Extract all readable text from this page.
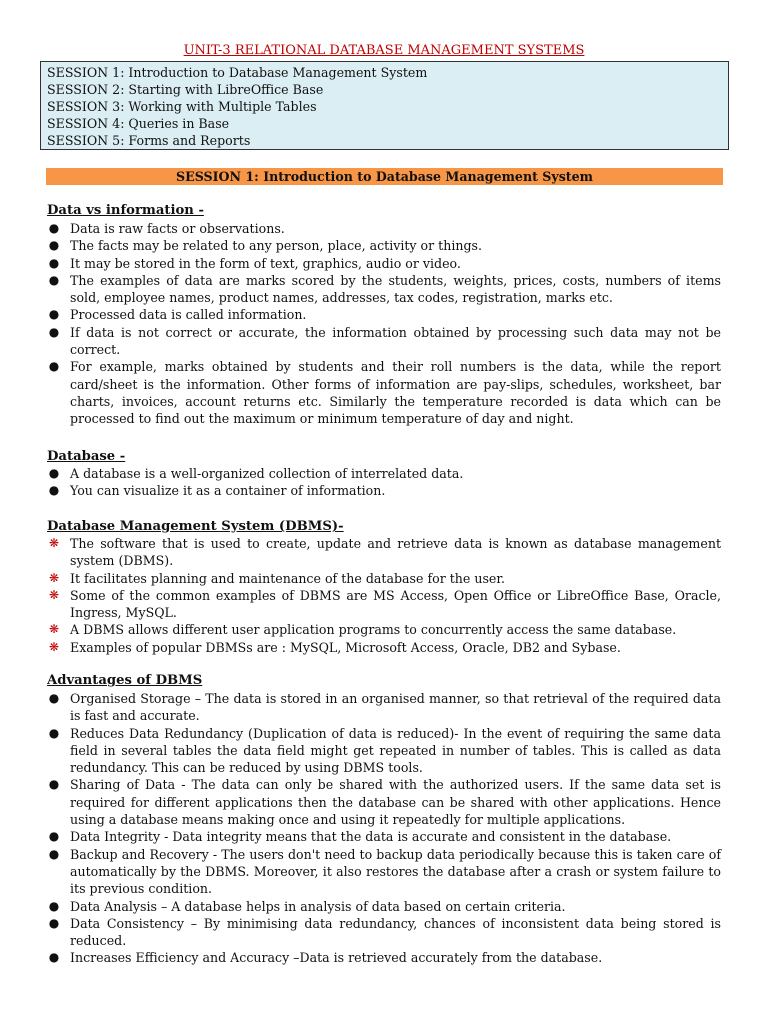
UNIT-3 RELATIONAL DATABASE MANAGEMENT SYSTEMS
SESSION 1: Introduction to Database Management System
SESSION 2: Starting with LibreOffice Base
SESSION 3: Working with Multiple Tables
SESSION 4: Queries in Base
SESSION 5: Forms and Reports
SESSION 1: Introduction to Database Management System
Data vs information -
● Data is raw facts or observations.
● The facts may be related to any person, place, activity or things.
● It may be stored in the form of text, graphics, audio or video.
● The examples of data are marks scored by the students, weights, prices, costs, numbers of items sold, employee names, product names, addresses, tax codes, registration, marks etc.
● Processed data is called information.
● If data is not correct or accurate, the information obtained by processing such data may not be correct.
● For example, marks obtained by students and their roll numbers is the data, while the report card/sheet is the information. Other forms of information are pay-slips, schedules, worksheet, bar charts, invoices, account returns etc. Similarly the temperature recorded is data which can be processed to find out the maximum or minimum temperature of day and night.
Database -
● A database is a well-organized collection of interrelated data.
● You can visualize it as a container of information.
Database Management System (DBMS)-
❋ The software that is used to create, update and retrieve data is known as database management system (DBMS).
❋ It facilitates planning and maintenance of the database for the user.
❋ Some of the common examples of DBMS are MS Access, Open Office or LibreOffice Base, Oracle, Ingress, MySQL.
❋ A DBMS allows different user application programs to concurrently access the same database.
❋ Examples of popular DBMSs are : MySQL, Microsoft Access, Oracle, DB2 and Sybase.
Advantages of DBMS
● Organised Storage – The data is stored in an organised manner, so that retrieval of the required data is fast and accurate.
● Reduces Data Redundancy (Duplication of data is reduced)- In the event of requiring the same data field in several tables the data field might get repeated in number of tables. This is called as data redundancy. This can be reduced by using DBMS tools.
● Sharing of Data - The data can only be shared with the authorized users. If the same data set is required for different applications then the database can be shared with other applications. Hence using a database means making once and using it repeatedly for multiple applications.
● Data Integrity - Data integrity means that the data is accurate and consistent in the database.
● Backup and Recovery - The users don't need to backup data periodically because this is taken care of automatically by the DBMS. Moreover, it also restores the database after a crash or system failure to its previous condition.
● Data Analysis – A database helps in analysis of data based on certain criteria.
● Data Consistency – By minimising data redundancy, chances of inconsistent data being stored is reduced.
● Increases Efficiency and Accuracy –Data is retrieved accurately from the database.
